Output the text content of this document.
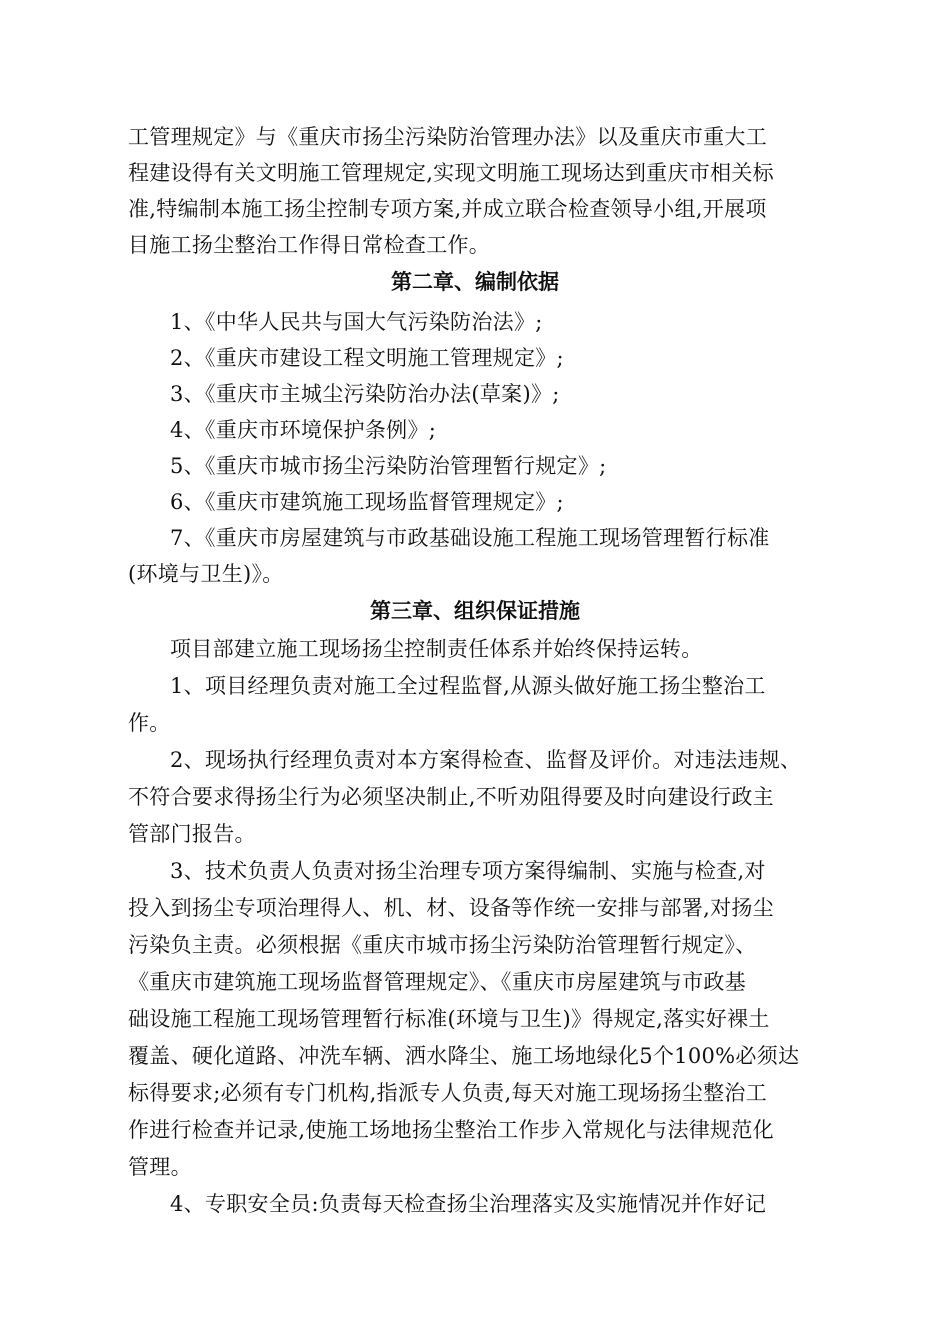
工管理规定》与《重庆市扬尘污染防治管理办法》以及重庆市重大工
程建设得有关文明施工管理规定,实现文明施工现场达到重庆市相关标
准,特编制本施工扬尘控制专项方案,并成立联合检查领导小组,开展项
目施工扬尘整治工作得日常检查工作。
第二章、编制依据
1、《中华人民共与国大气污染防治法》;
2、《重庆市建设工程文明施工管理规定》;
3、《重庆市主城尘污染防治办法(草案)》;
4、《重庆市环境保护条例》;
5、《重庆市城市扬尘污染防治管理暂行规定》;
6、《重庆市建筑施工现场监督管理规定》;
7、《重庆市房屋建筑与市政基础设施工程施工现场管理暂行标准
(环境与卫生)》。
第三章、组织保证措施
项目部建立施工现场扬尘控制责任体系并始终保持运转。
1、项目经理负责对施工全过程监督,从源头做好施工扬尘整治工
作。
2、现场执行经理负责对本方案得检查、监督及评价。对违法违规、
不符合要求得扬尘行为必须坚决制止,不听劝阻得要及时向建设行政主
管部门报告。
3、技术负责人负责对扬尘治理专项方案得编制、实施与检查,对
投入到扬尘专项治理得人、机、材、设备等作统一安排与部署,对扬尘
污染负主责。必须根据《重庆市城市扬尘污染防治管理暂行规定》、
《重庆市建筑施工现场监督管理规定》、《重庆市房屋建筑与市政基
础设施工程施工现场管理暂行标准(环境与卫生)》得规定,落实好裸土
覆盖、硬化道路、冲洗车辆、洒水降尘、施工场地绿化5个100%必须达
标得要求;必须有专门机构,指派专人负责,每天对施工现场扬尘整治工
作进行检查并记录,使施工场地扬尘整治工作步入常规化与法律规范化
管理。
4、专职安全员:负责每天检查扬尘治理落实及实施情况并作好记
